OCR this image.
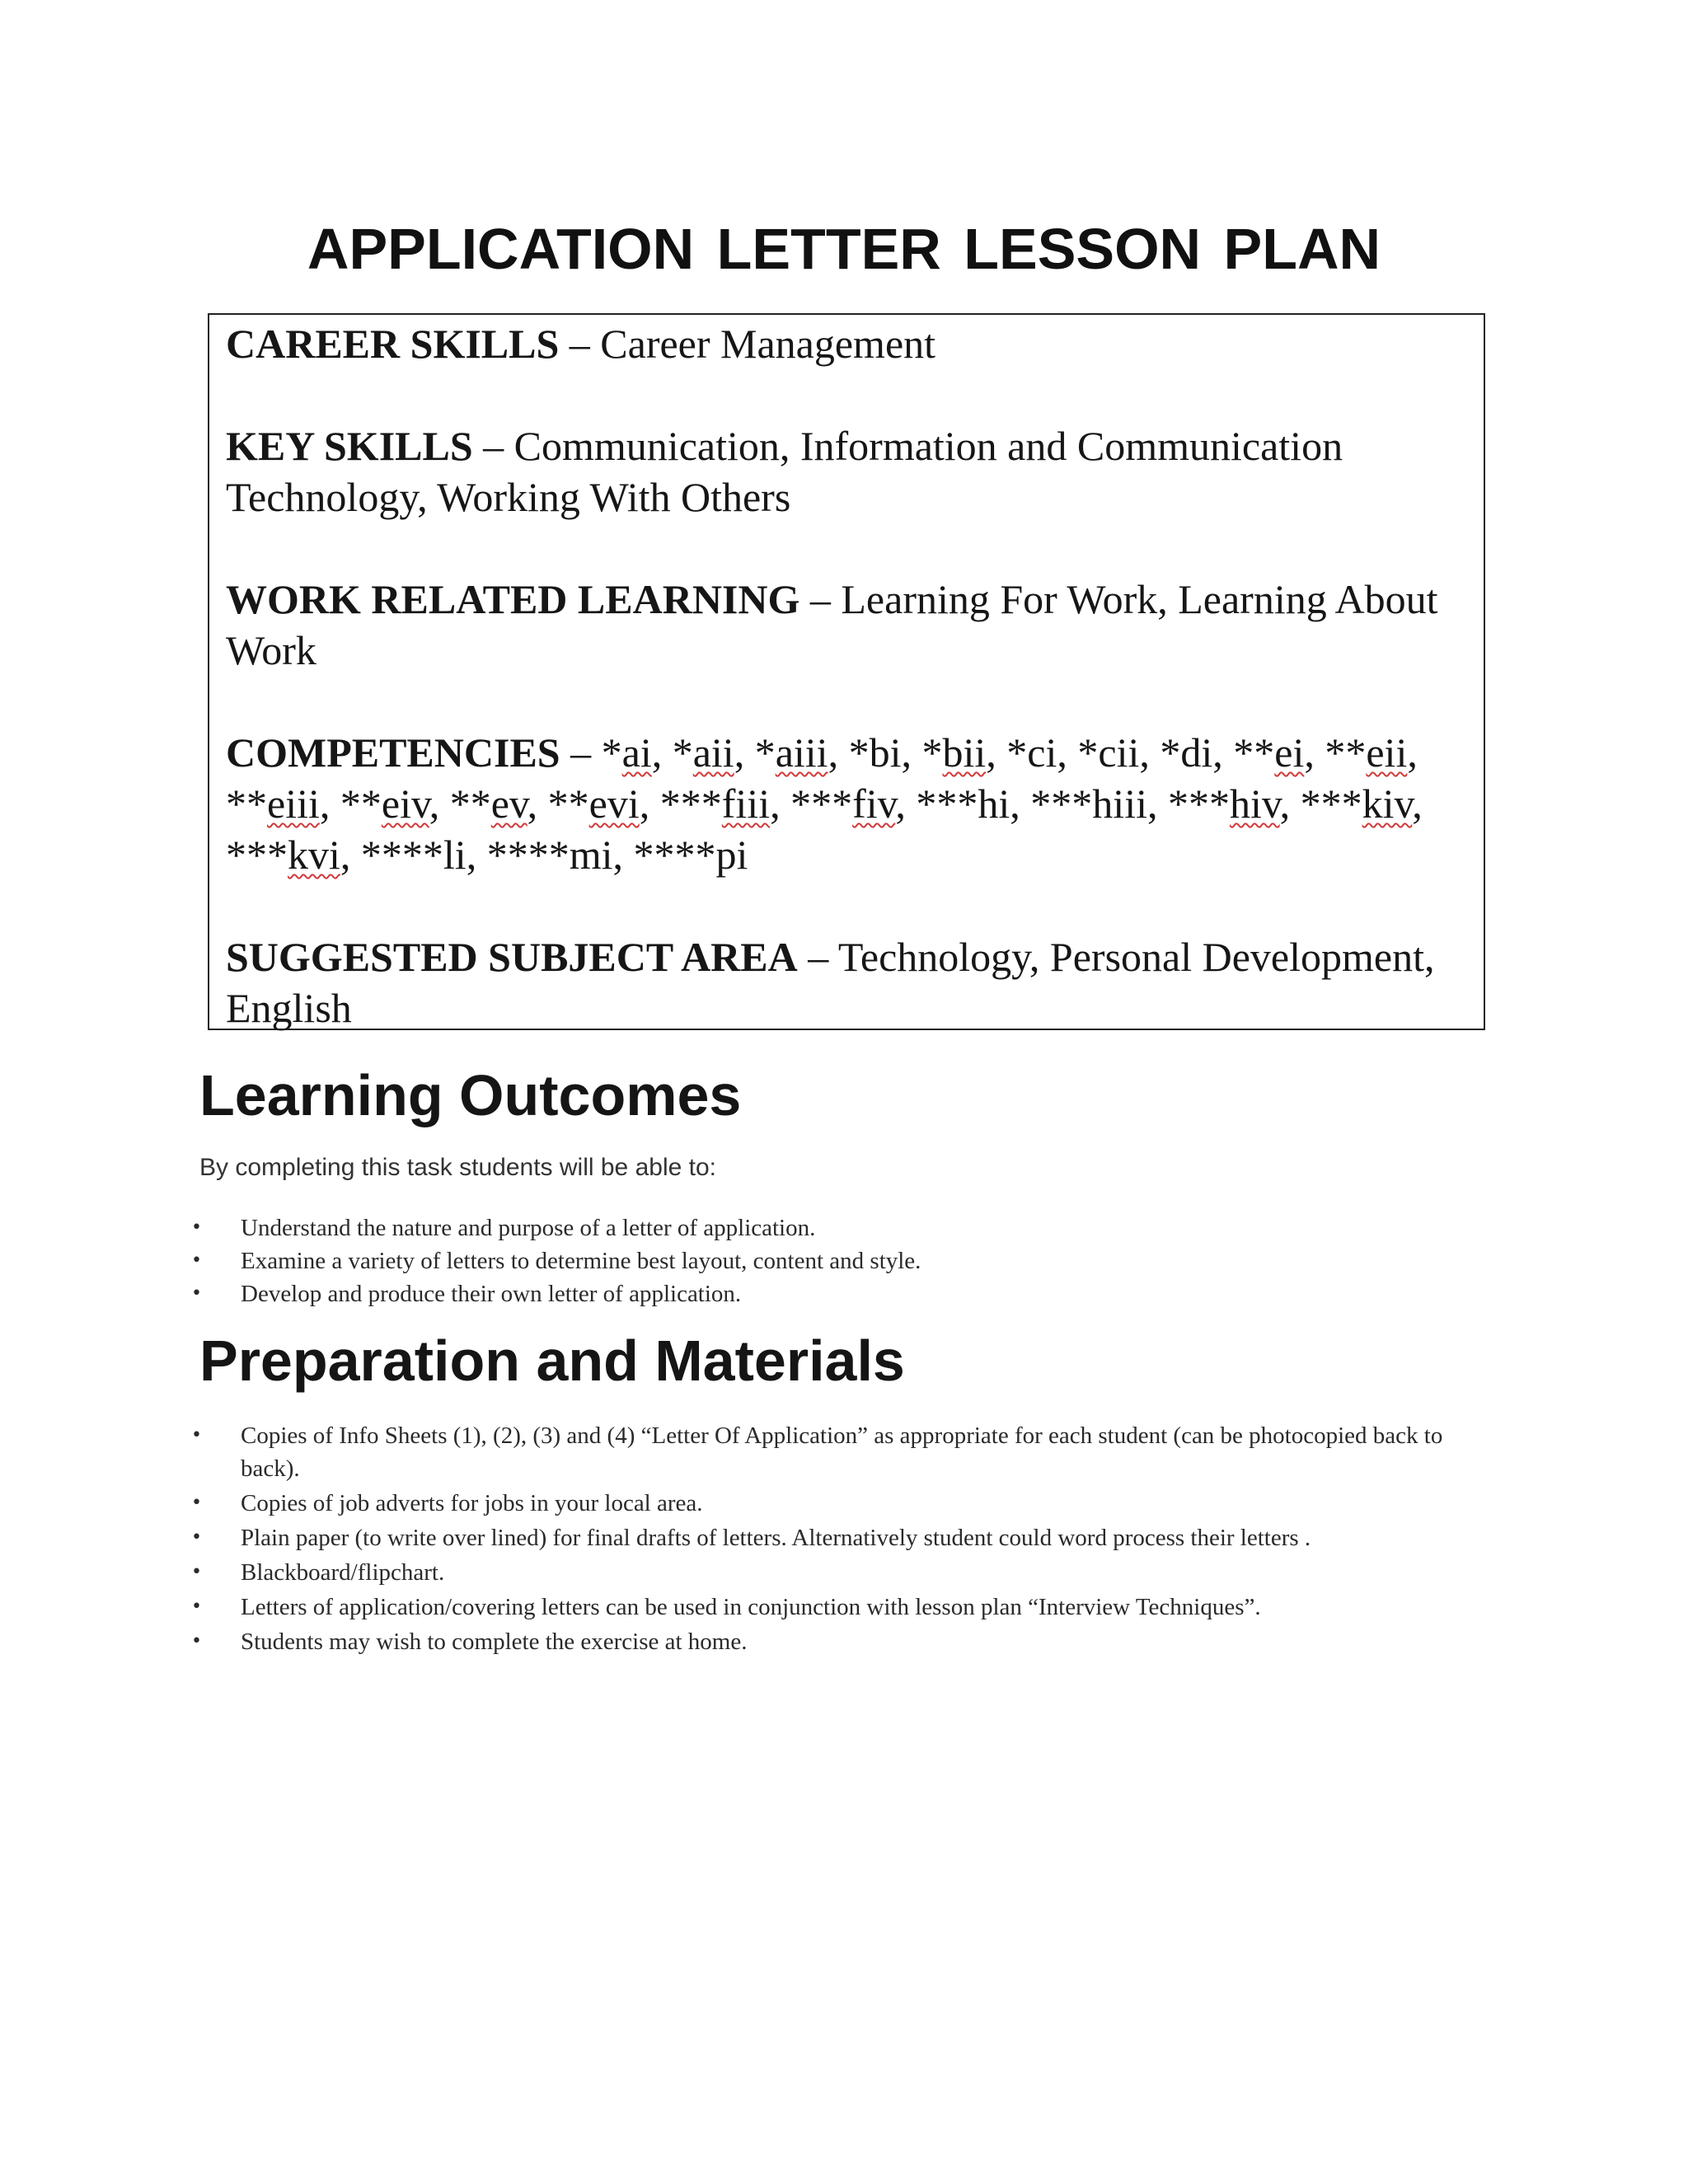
APPLICATION LETTER LESSON PLAN

CAREER SKILLS – Career Management

KEY SKILLS – Communication, Information and Communication Technology, Working With Others

WORK RELATED LEARNING – Learning For Work, Learning About Work

COMPETENCIES – *ai, *aii, *aiii, *bi, *bii, *ci, *cii, *di, **ei, **eii, **eiii, **eiv, **ev, **evi, ***fiii, ***fiv, ***hi, ***hiii, ***hiv, ***kiv, ***kvi, ****li, ****mi, ****pi

SUGGESTED SUBJECT AREA – Technology, Personal Development, English

Learning Outcomes

By completing this task students will be able to:

• Understand the nature and purpose of a letter of application.
• Examine a variety of letters to determine best layout, content and style.
• Develop and produce their own letter of application.
Preparation and Materials
• Copies of Info Sheets (1), (2), (3) and (4) “Letter Of Application” as appropriate for each student (can be photocopied back to back).
• Copies of job adverts for jobs in your local area.
• Plain paper (to write over lined) for final drafts of letters. Alternatively student could word process their letters .
• Blackboard/flipchart.
• Letters of application/covering letters can be used in conjunction with lesson plan “Interview Techniques”.
• Students may wish to complete the exercise at home.
